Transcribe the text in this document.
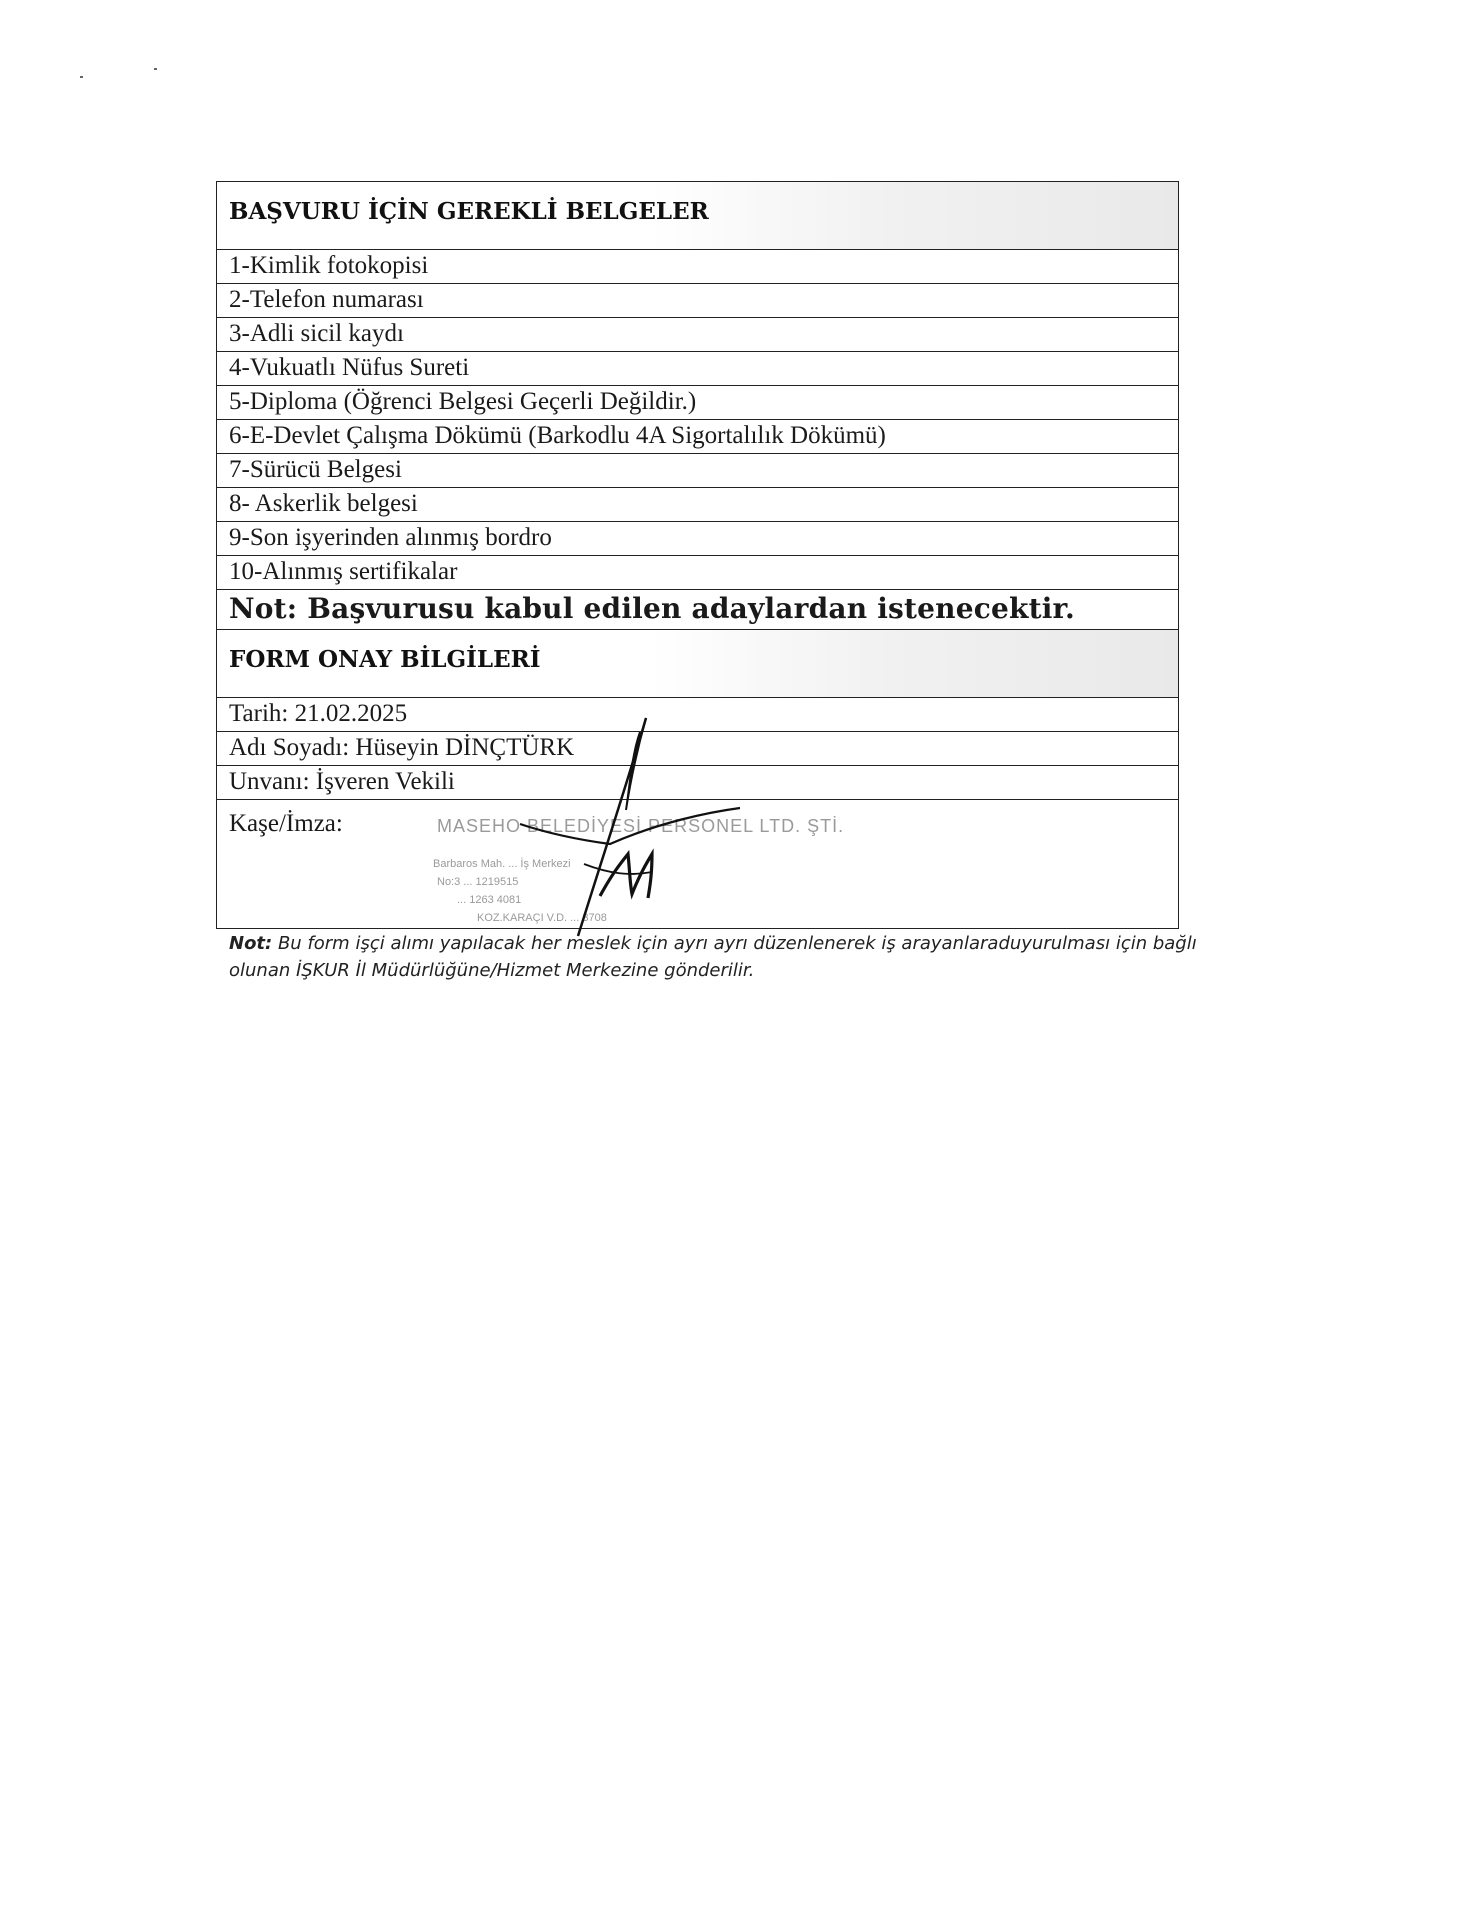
BAŞVURU İÇİN GEREKLİ BELGELER
1-Kimlik fotokopisi
2-Telefon numarası
3-Adli sicil kaydı
4-Vukuatlı Nüfus Sureti
5-Diploma (Öğrenci Belgesi Geçerli Değildir.)
6-E-Devlet Çalışma Dökümü (Barkodlu 4A Sigortalılık Dökümü)
7-Sürücü Belgesi
8- Askerlik belgesi
9-Son işyerinden alınmış bordro
10-Alınmış sertifikalar
Not: Başvurusu kabul edilen adaylardan istenecektir.
FORM ONAY BİLGİLERİ
Tarih: 21.02.2025
Adı Soyadı: Hüseyin DİNÇTÜRK
Unvanı: İşveren Vekili
Kaşe/İmza:	MASEHO BELEDİYESİ PERSONEL LTD. ŞTİ.
Barbaros Mah. ... İş Merkezi
No:3 ... 1219515
... 1263 4081
KOZ.KARAÇI V.D. ... 3708
Not: Bu form işçi alımı yapılacak her meslek için ayrı ayrı düzenlenerek iş arayanlaraduyurulması için bağlı olunan İŞKUR İl Müdürlüğüne/Hizmet Merkezine gönderilir.
